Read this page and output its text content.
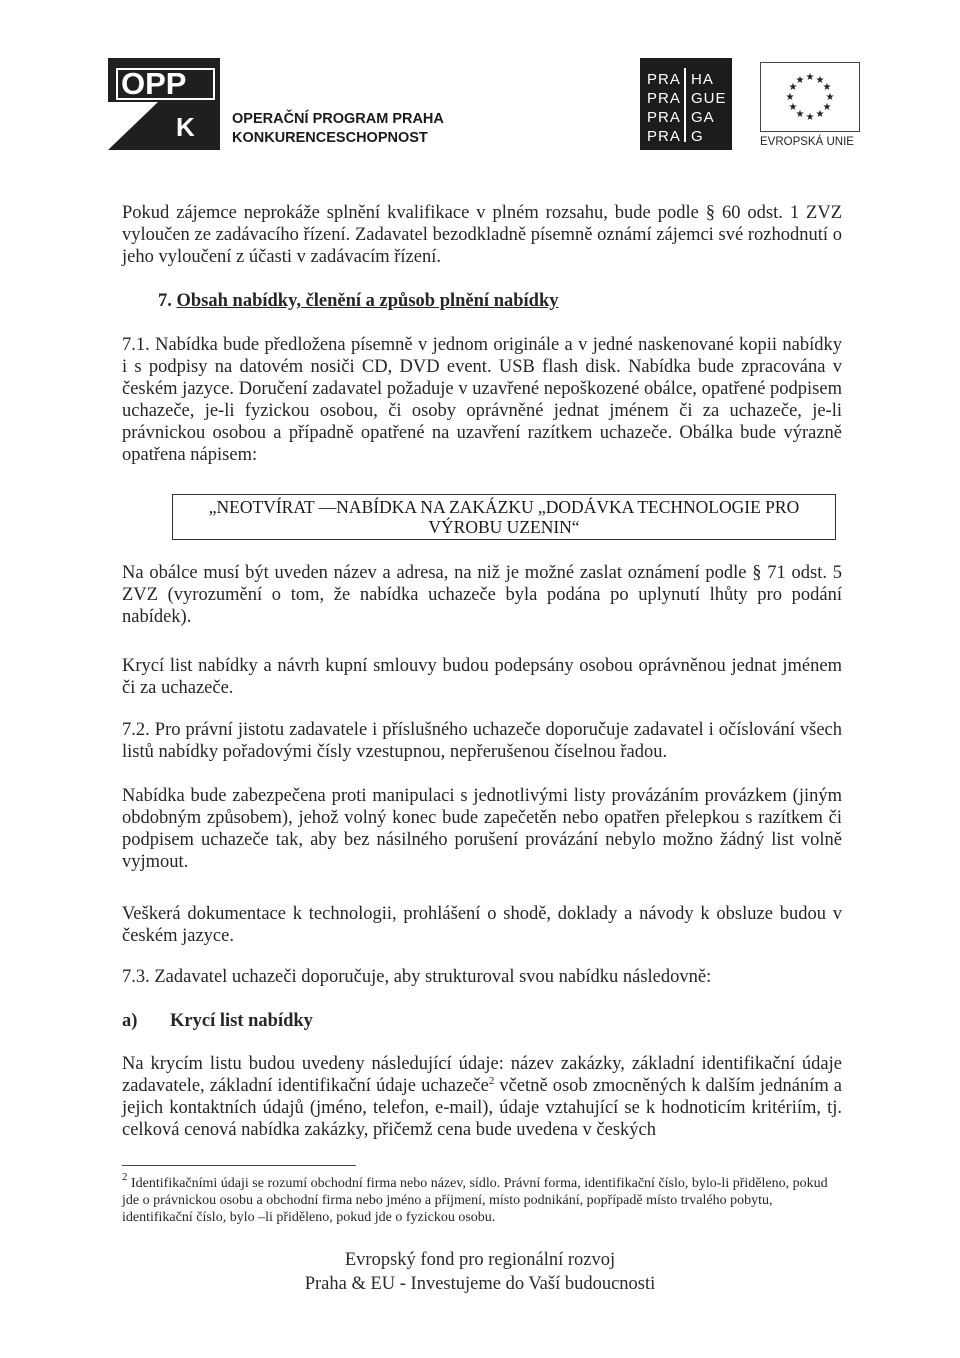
OPP
K	OPERAČNÍ PROGRAM PRAHA
KONKURENCESCHOPNOST
PRA
PRA
PRA
PRA
HA
GUE
GA
G
★ ★
★
★
★
★
★
★
★
★
★
★
EVROPSKÁ UNIE
Pokud zájemce neprokáže splnění kvalifikace v plném rozsahu, bude podle § 60 odst. 1 ZVZ vyloučen ze zadávacího řízení. Zadavatel bezodkladně písemně oznámí zájemci své rozhodnutí o jeho vyloučení z účasti v zadávacím řízení.
7. Obsah nabídky, členění a způsob plnění nabídky
7.1. Nabídka bude předložena písemně v jednom originále a v jedné naskenované kopii nabídky i s podpisy na datovém nosiči CD, DVD event. USB flash disk. Nabídka bude zpracována v českém jazyce. Doručení zadavatel požaduje v uzavřené nepoškozené obálce, opatřené podpisem uchazeče, je-li fyzickou osobou, či osoby oprávněné jednat jménem či za uchazeče, je-li právnickou osobou a případně opatřené na uzavření razítkem uchazeče. Obálka bude výrazně opatřena nápisem:
„NEOTVÍRAT —NABÍDKA NA ZAKÁZKU „DODÁVKA TECHNOLOGIE PRO
VÝROBU UZENIN“
Na obálce musí být uveden název a adresa, na niž je možné zaslat oznámení podle § 71 odst. 5 ZVZ (vyrozumění o tom, že nabídka uchazeče byla podána po uplynutí lhůty pro podání nabídek).
Krycí list nabídky a návrh kupní smlouvy budou podepsány osobou oprávněnou jednat jménem či za uchazeče.
7.2. Pro právní jistotu zadavatele i příslušného uchazeče doporučuje zadavatel i očíslování všech listů nabídky pořadovými čísly vzestupnou, nepřerušenou číselnou řadou.
Nabídka bude zabezpečena proti manipulaci s jednotlivými listy provázáním provázkem (jiným obdobným způsobem), jehož volný konec bude zapečetěn nebo opatřen přelepkou s razítkem či podpisem uchazeče tak, aby bez násilného porušení provázání nebylo možno žádný list volně vyjmout.
Veškerá dokumentace k technologii, prohlášení o shodě, doklady a návody k obsluze budou v českém jazyce.
7.3. Zadavatel uchazeči doporučuje, aby strukturoval svou nabídku následovně:
a) Krycí list nabídky
Na krycím listu budou uvedeny následující údaje: název zakázky, základní identifikační údaje zadavatele, základní identifikační údaje uchazeče$^2$ včetně osob zmocněných k dalším jednáním a jejich kontaktních údajů (jméno, telefon, e-mail), údaje vztahující se k hodnoticím kritériím, tj. celková cenová nabídka zakázky, přičemž cena bude uvedena v českých
$^2$ Identifikačními údaji se rozumí obchodní firma nebo název, sídlo. Právní forma, identifikační číslo, bylo-li přiděleno, pokud jde o právnickou osobu a obchodní firma nebo jméno a příjmení, místo podnikání, popřípadě místo trvalého pobytu, identifikační číslo, bylo –li přiděleno, pokud jde o fyzickou osobu.
Evropský fond pro regionální rozvoj
Praha & EU - Investujeme do Vaší budoucnosti
